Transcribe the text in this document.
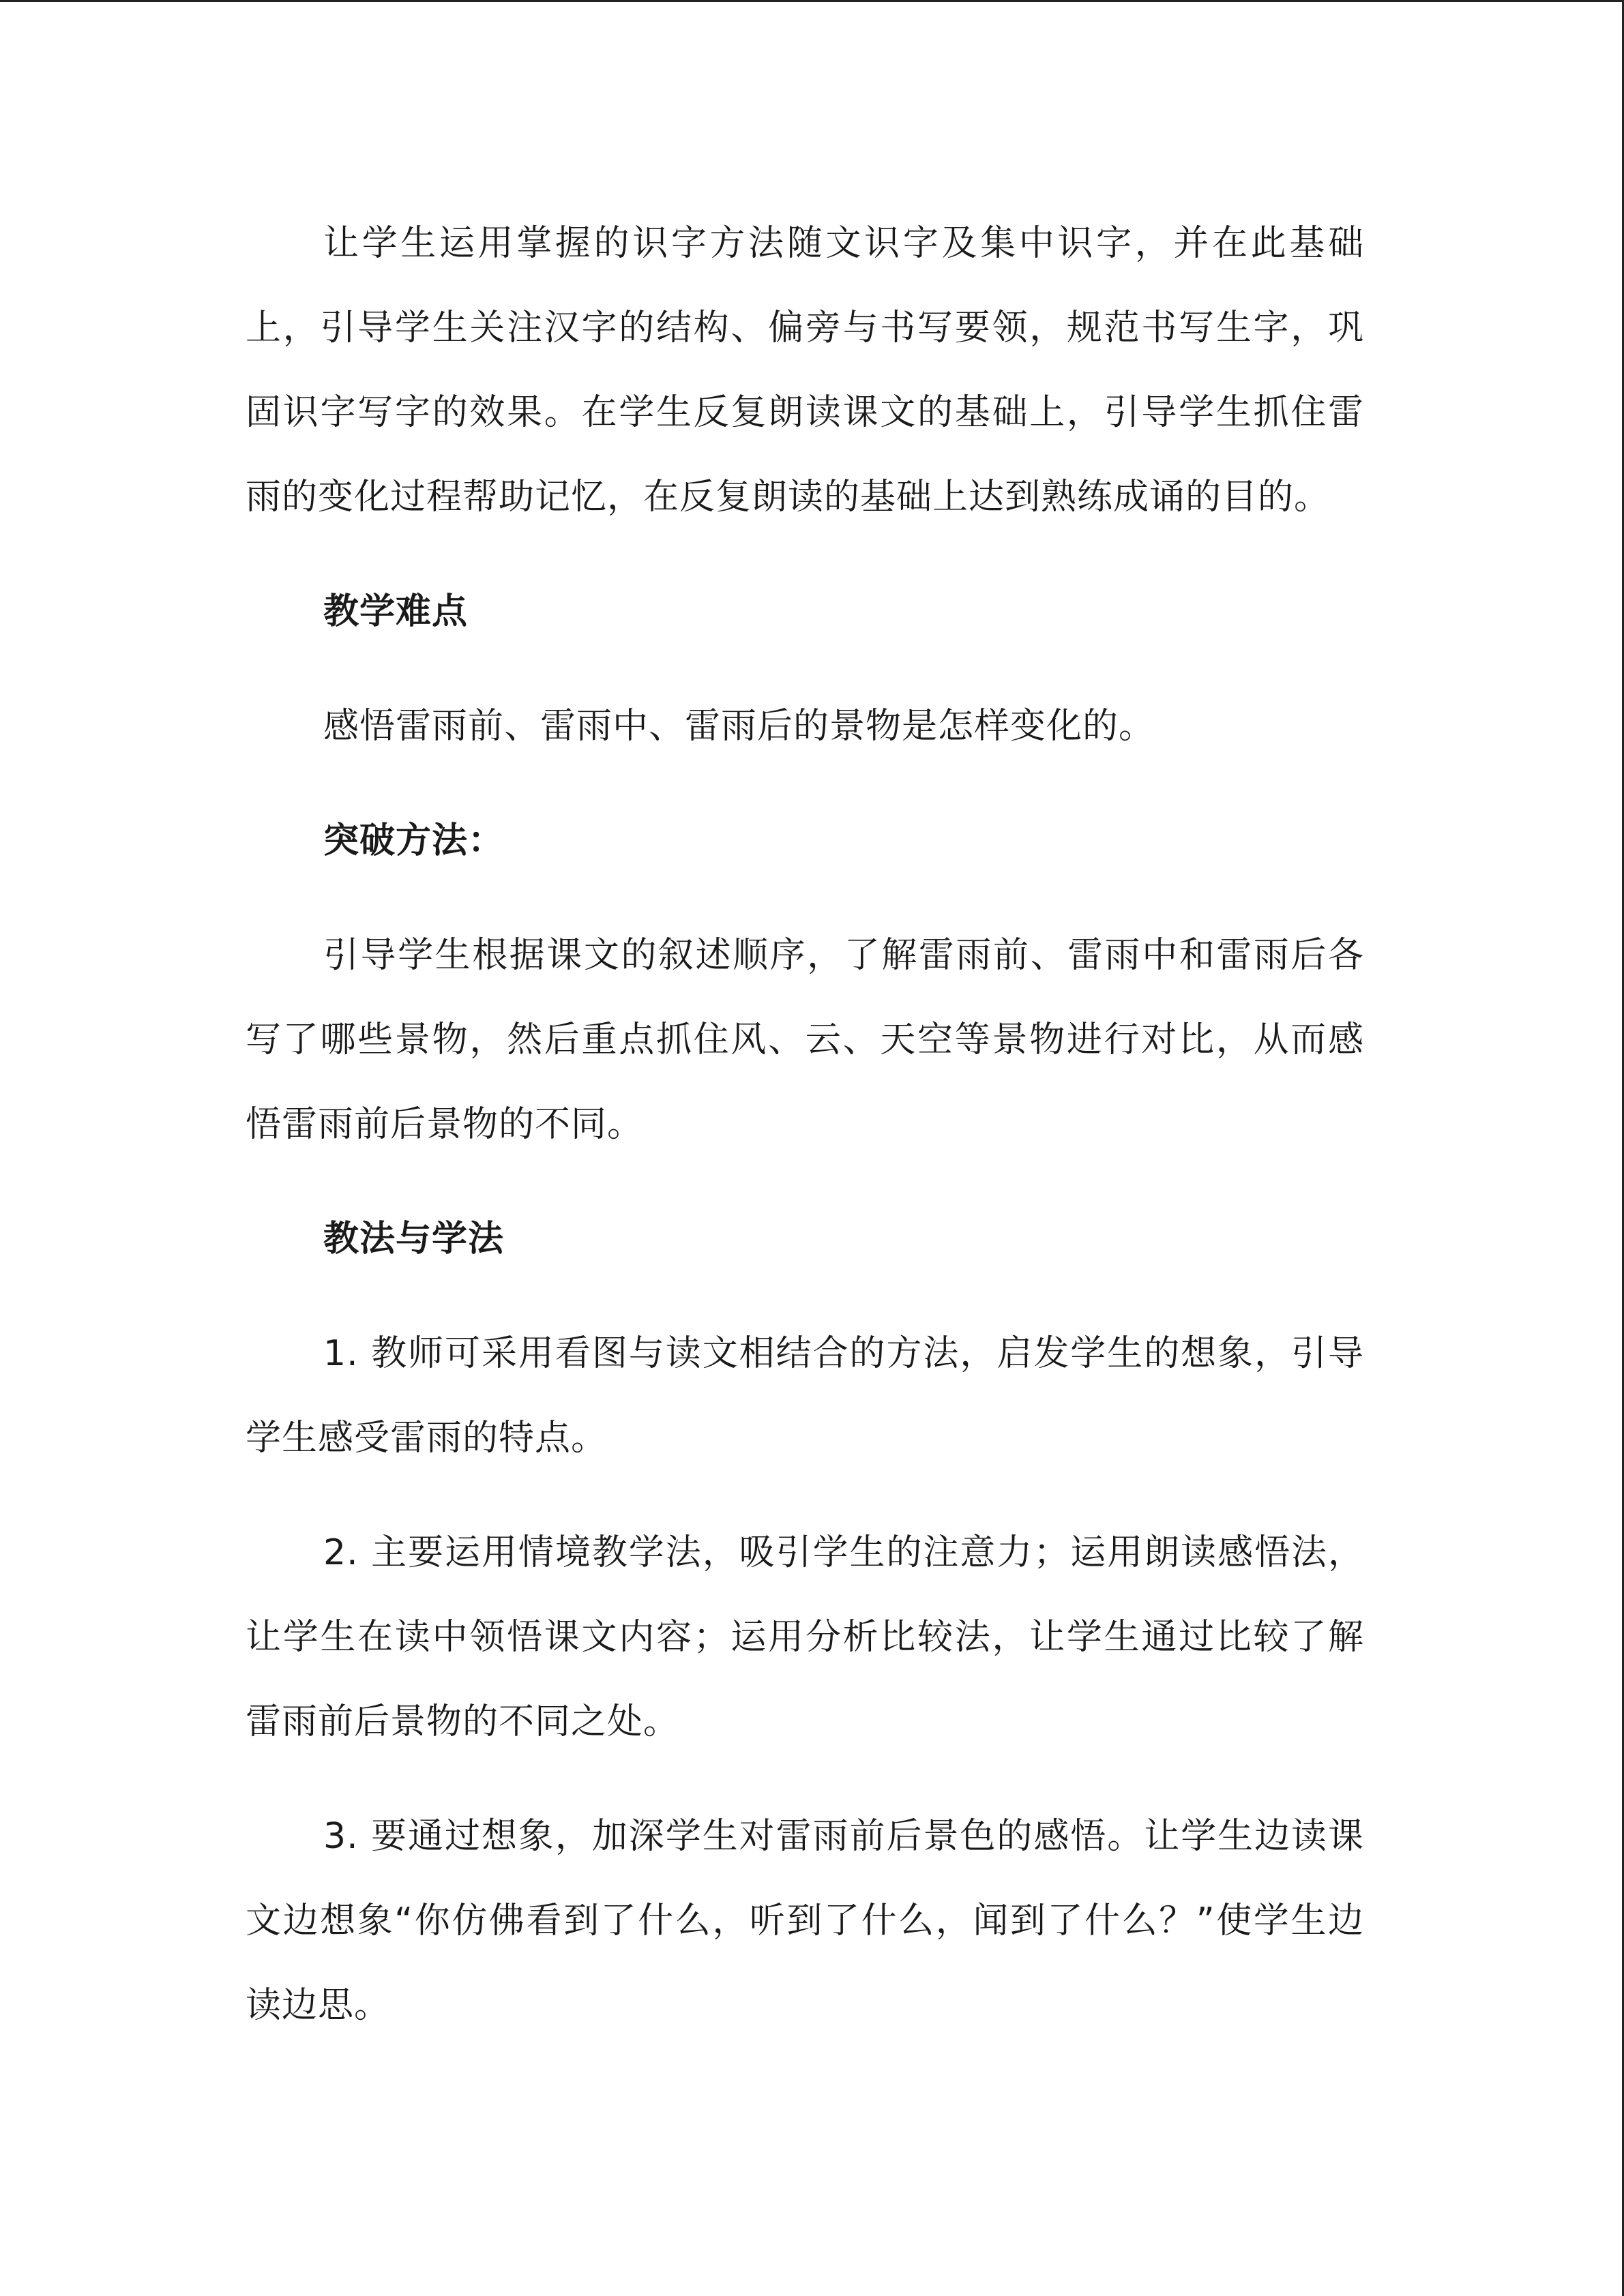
让学生运用掌握的识字方法随文识字及集中识字，并在此基础上，引导学生关注汉字的结构、偏旁与书写要领，规范书写生字，巩固识字写字的效果。在学生反复朗读课文的基础上，引导学生抓住雷雨的变化过程帮助记忆，在反复朗读的基础上达到熟练成诵的目的。

教学难点

感悟雷雨前、雷雨中、雷雨后的景物是怎样变化的。

突破方法：

引导学生根据课文的叙述顺序，了解雷雨前、雷雨中和雷雨后各写了哪些景物，然后重点抓住风、云、天空等景物进行对比，从而感悟雷雨前后景物的不同。

教法与学法

1. 教师可采用看图与读文相结合的方法，启发学生的想象，引导学生感受雷雨的特点。

2. 主要运用情境教学法，吸引学生的注意力；运用朗读感悟法，让学生在读中领悟课文内容；运用分析比较法，让学生通过比较了解雷雨前后景物的不同之处。

3. 要通过想象，加深学生对雷雨前后景色的感悟。让学生边读课文边想象“你仿佛看到了什么，听到了什么，闻到了什么？”使学生边读边思。
